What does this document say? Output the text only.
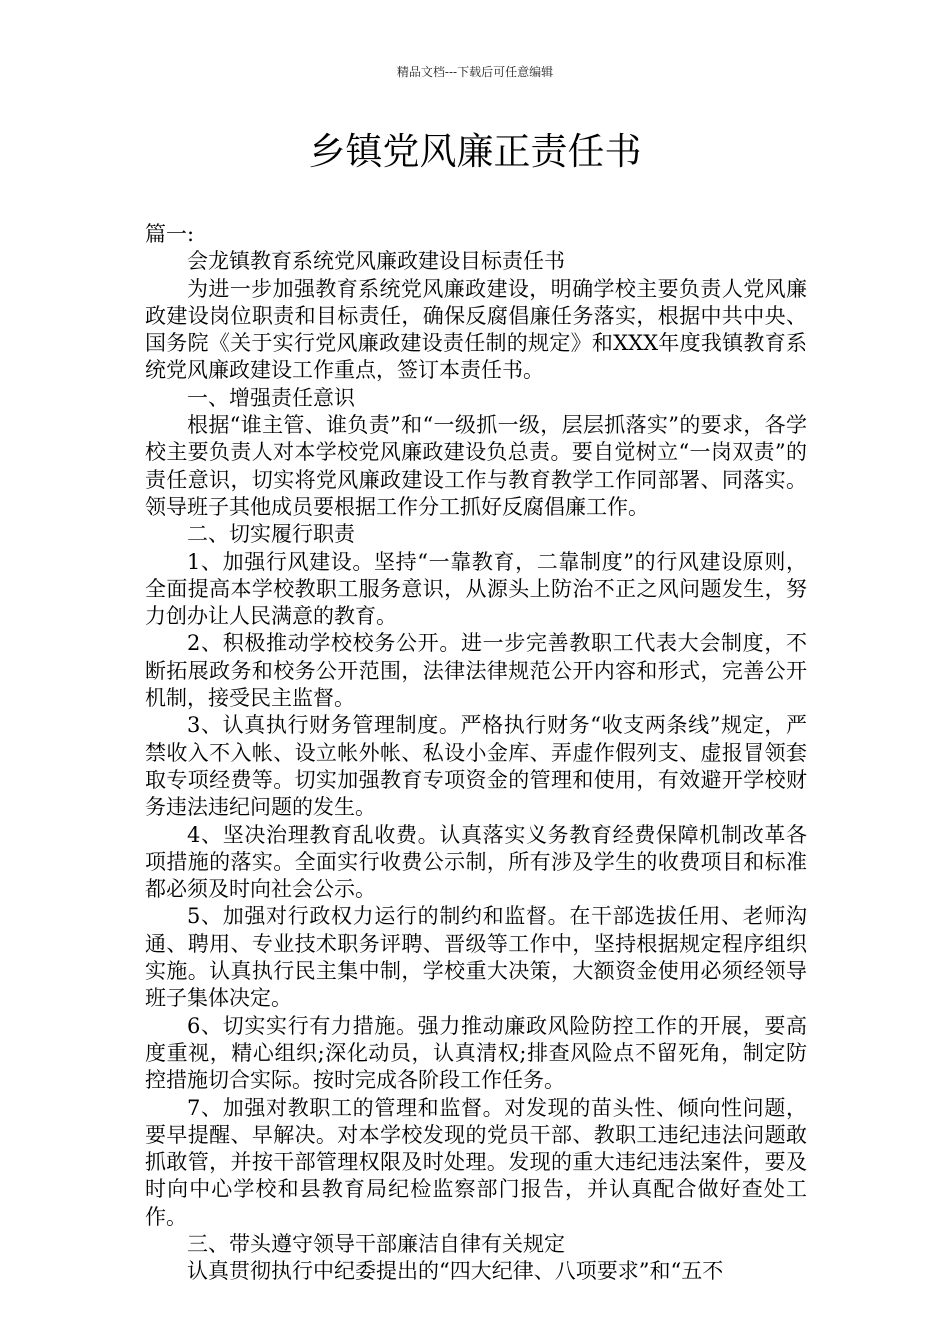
精品文档---下载后可任意编辑
乡镇党风廉正责任书

篇一:

会龙镇教育系统党风廉政建设目标责任书

为进一步加强教育系统党风廉政建设，明确学校主要负责人党风廉政建设岗位职责和目标责任，确保反腐倡廉任务落实，根据中共中央、国务院《关于实行党风廉政建设责任制的规定》和XXX年度我镇教育系统党风廉政建设工作重点，签订本责任书。

一、增强责任意识

根据“谁主管、谁负责”和“一级抓一级，层层抓落实”的要求，各学校主要负责人对本学校党风廉政建设负总责。要自觉树立“一岗双责”的责任意识，切实将党风廉政建设工作与教育教学工作同部署、同落实。领导班子其他成员要根据工作分工抓好反腐倡廉工作。

二、切实履行职责

1、加强行风建设。坚持“一靠教育，二靠制度”的行风建设原则，全面提高本学校教职工服务意识，从源头上防治不正之风问题发生，努力创办让人民满意的教育。

2、积极推动学校校务公开。进一步完善教职工代表大会制度，不断拓展政务和校务公开范围，法律法律规范公开内容和形式，完善公开机制，接受民主监督。

3、认真执行财务管理制度。严格执行财务“收支两条线”规定，严禁收入不入帐、设立帐外帐、私设小金库、弄虚作假列支、虚报冒领套取专项经费等。切实加强教育专项资金的管理和使用，有效避开学校财务违法违纪问题的发生。

4、坚决治理教育乱收费。认真落实义务教育经费保障机制改革各项措施的落实。全面实行收费公示制，所有涉及学生的收费项目和标准都必须及时向社会公示。

5、加强对行政权力运行的制约和监督。在干部选拔任用、老师沟通、聘用、专业技术职务评聘、晋级等工作中，坚持根据规定程序组织实施。认真执行民主集中制，学校重大决策，大额资金使用必须经领导班子集体决定。

6、切实实行有力措施。强力推动廉政风险防控工作的开展，要高度重视，精心组织;深化动员，认真清权;排查风险点不留死角，制定防控措施切合实际。按时完成各阶段工作任务。

7、加强对教职工的管理和监督。对发现的苗头性、倾向性问题，要早提醒、早解决。对本学校发现的党员干部、教职工违纪违法问题敢抓敢管，并按干部管理权限及时处理。发现的重大违纪违法案件，要及时向中心学校和县教育局纪检监察部门报告，并认真配合做好查处工作。

三、带头遵守领导干部廉洁自律有关规定

认真贯彻执行中纪委提出的“四大纪律、八项要求”和“五不
